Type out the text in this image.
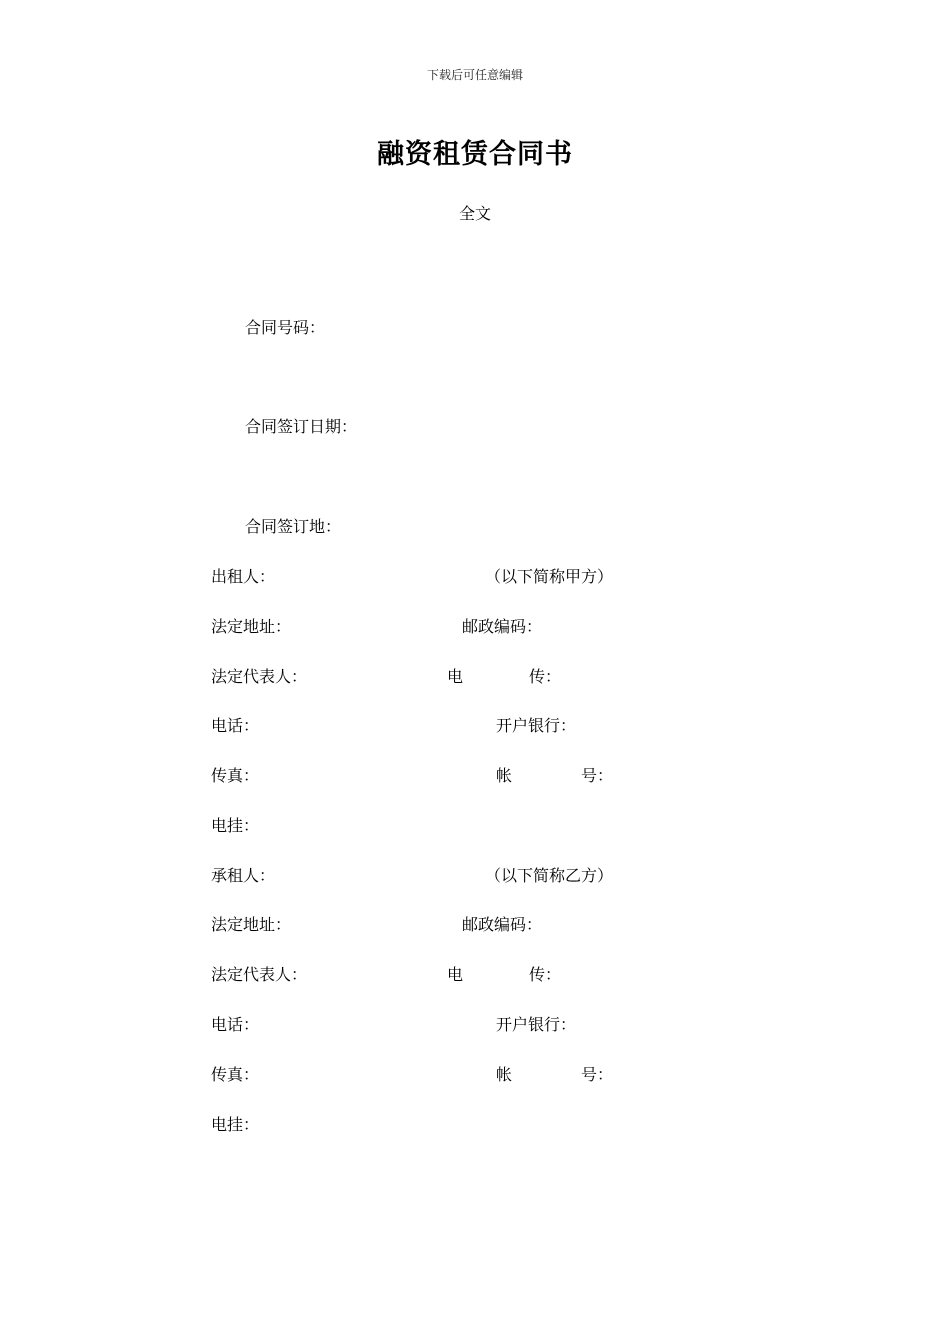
下载后可任意编辑
融资租赁合同书
全文
合同号码：
合同签订日期：
合同签订地：
出租人：	（以下简称甲方）
法定地址：	邮政编码：
法定代表人：	电	传：
电话：	开户银行：
传真：	帐	号：
电挂：
承租人：	（以下简称乙方）
法定地址：	邮政编码：
法定代表人：	电	传：
电话：	开户银行：
传真：	帐	号：
电挂：
